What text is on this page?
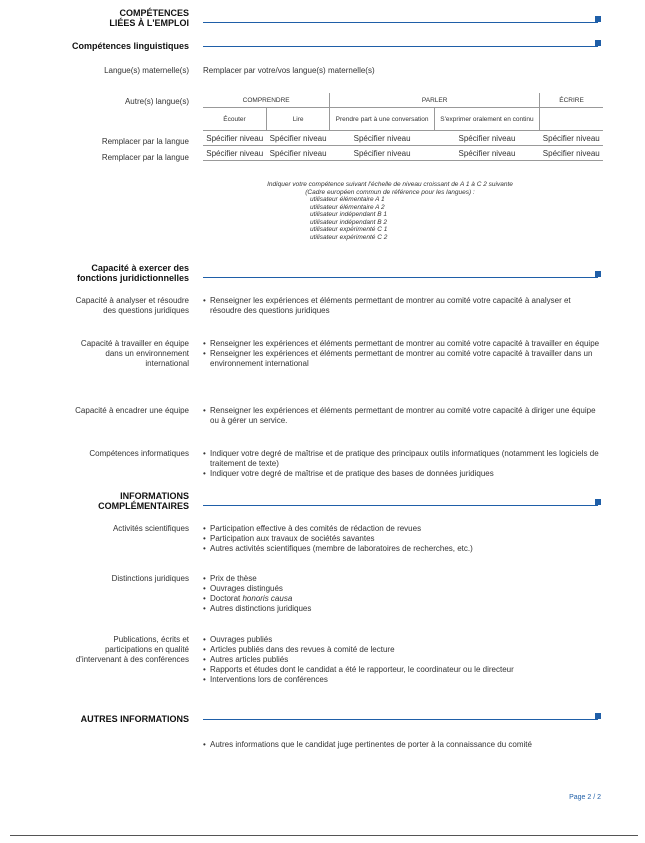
COMPÉTENCES
LIÉES À L'EMPLOI
Compétences linguistiques
Langue(s) maternelle(s) Remplacer par votre/vos langue(s) maternelle(s)
Autre(s) langue(s)	COMPRENDRE		PARLER		ÉCRIRE
Écouter	Lire	Prendre part à une conversation	S'exprimer oralement en continu	
Spécifier niveau	Spécifier niveau	Spécifier niveau	Spécifier niveau	Spécifier niveau
Spécifier niveau	Spécifier niveau	Spécifier niveau	Spécifier niveau	Spécifier niveau
Remplacer par la langue
Remplacer par la langue
Indiquer votre compétence suivant l'échelle de niveau croissant de A 1 à C 2 suivante
(Cadre européen commun de référence pour les langues) :
utilisateur élémentaire A 1
utilisateur élémentaire A 2
utilisateur indépendant B 1
utilisateur indépendant B 2
utilisateur expérimenté C 1
utilisateur expérimenté C 2
Capacité à exercer des
fonctions juridictionnelles
Capacité à analyser et résoudre
des questions juridiques
• Renseigner les expériences et éléments permettant de montrer au comité votre capacité à analyser et résoudre des questions juridiques
Capacité à travailler en équipe
dans un environnement
international
• Renseigner les expériences et éléments permettant de montrer au comité votre capacité à travailler en équipe
• Renseigner les expériences et éléments permettant de montrer au comité votre capacité à travailler dans un environnement international
Capacité à encadrer une équipe	• Renseigner les expériences et éléments permettant de montrer au comité votre capacité à diriger une équipe ou à gérer un service.
Compétences informatiques	• Indiquer votre degré de maîtrise et de pratique des principaux outils informatiques (notamment les logiciels de traitement de texte)
• Indiquer votre degré de maîtrise et de pratique des bases de données juridiques
INFORMATIONS
COMPLÉMENTAIRES
Activités scientifiques	• Participation effective à des comités de rédaction de revues
• Participation aux travaux de sociétés savantes
• Autres activités scientifiques (membre de laboratoires de recherches, etc.)
Distinctions juridiques	• Prix de thèse
• Ouvrages distingués
• Doctorat honoris causa
• Autres distinctions juridiques
Publications, écrits et
participations en qualité
d'intervenant à des conférences
• Ouvrages publiés
• Articles publiés dans des revues à comité de lecture
• Autres articles publiés
• Rapports et études dont le candidat a été le rapporteur, le coordinateur ou le directeur
• Interventions lors de conférences
AUTRES INFORMATIONS
• Autres informations que le candidat juge pertinentes de porter à la connaissance du comité
Page 2 / 2
